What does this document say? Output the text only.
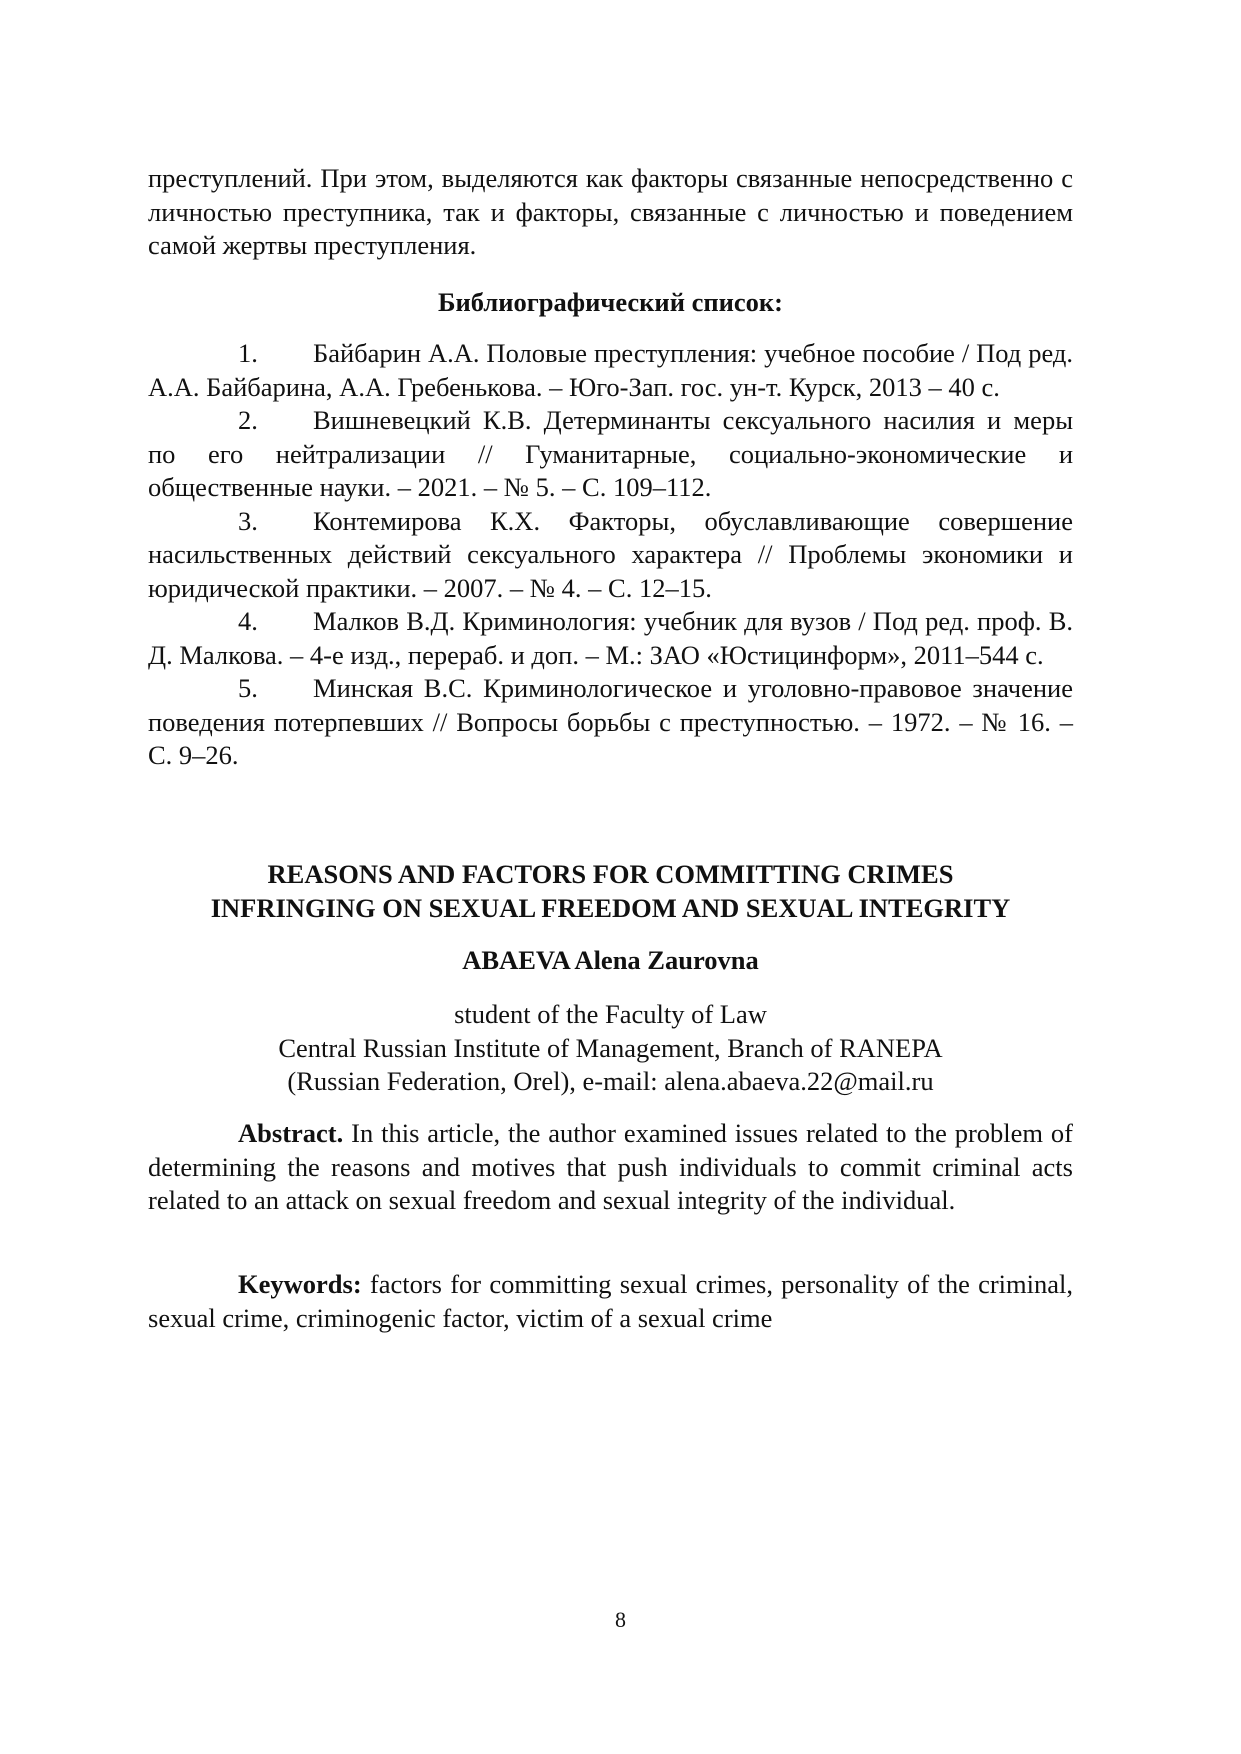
преступлений. При этом, выделяются как факторы связанные непосредственно с личностью преступника, так и факторы, связанные с личностью и поведением самой жертвы преступления.

Библиографический список:
1. Байбарин А.А. Половые преступления: учебное пособие / Под ред. А.А. Байбарина, А.А. Гребенькова. – Юго-Зап. гос. ун-т. Курск, 2013 – 40 с.
2. Вишневецкий К.В. Детерминанты сексуального насилия и меры по его нейтрализации // Гуманитарные, социально-экономические и общественные науки. – 2021. – № 5. – С. 109–112.
3. Контемирова К.Х. Факторы, обуславливающие совершение насильственных действий сексуального характера // Проблемы экономики и юридической практики. – 2007. – № 4. – С. 12–15.
4. Малков В.Д. Криминология: учебник для вузов / Под ред. проф. В. Д. Малкова. – 4-е изд., перераб. и доп. – М.: ЗАО «Юстицинформ», 2011–544 с.
5. Минская В.С. Криминологическое и уголовно-правовое значение поведения потерпевших // Вопросы борьбы с преступностью. – 1972. – № 16. – С. 9–26.
REASONS AND FACTORS FOR COMMITTING CRIMES
INFRINGING ON SEXUAL FREEDOM AND SEXUAL INTEGRITY

ABAEVA Alena Zaurovna

student of the Faculty of Law
Central Russian Institute of Management, Branch of RANEPA
(Russian Federation, Orel), e-mail: alena.abaeva.22@mail.ru

Abstract. In this article, the author examined issues related to the problem of determining the reasons and motives that push individuals to commit criminal acts related to an attack on sexual freedom and sexual integrity of the individual.

Keywords: factors for committing sexual crimes, personality of the criminal, sexual crime, criminogenic factor, victim of a sexual crime

8
